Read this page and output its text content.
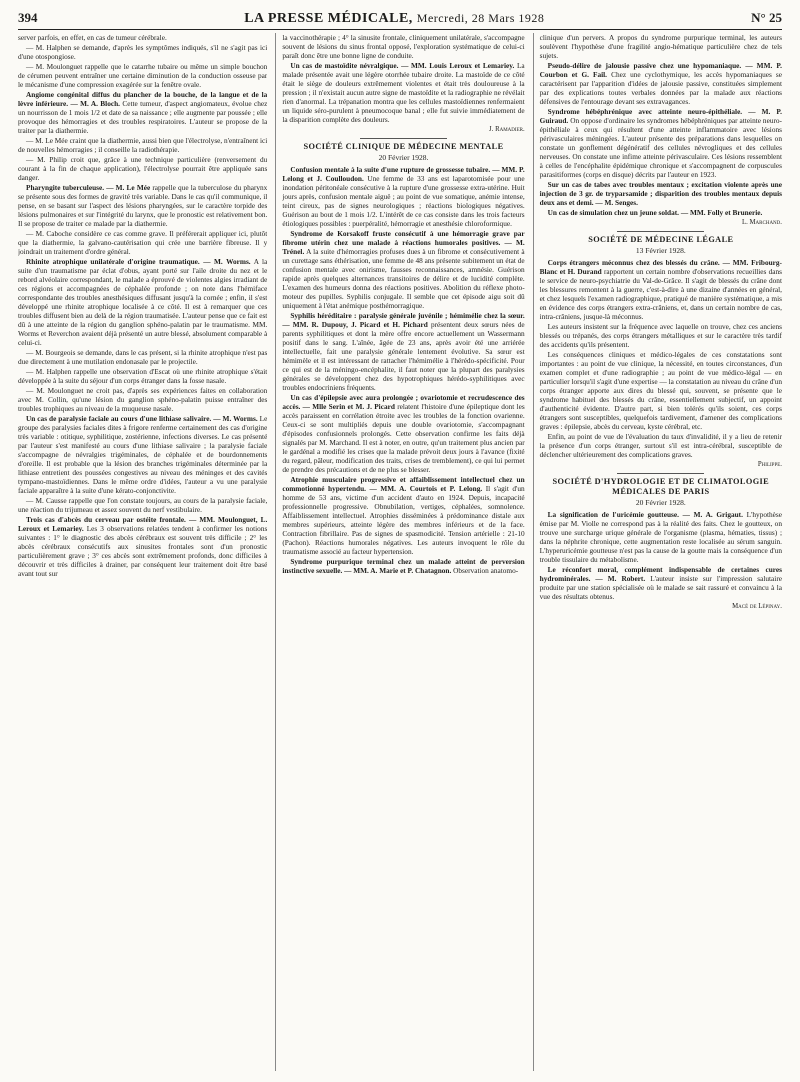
394	LA PRESSE MÉDICALE, Mercredi, 28 Mars 1928	N° 25

server parfois, en effet, en cas de tumeur cérébrale.

— M. Halphen se demande, d'après les symptômes indiqués, s'il ne s'agit pas ici d'une otospongiose.

— M. Moulonguet rappelle que le catarrhe tubaire ou même un simple bouchon de cérumen peuvent entraîner une certaine diminution de la conduction osseuse par le mécanisme d'une compression exagérée sur la fenêtre ovale.

Angiome congénital diffus du plancher de la bouche, de la langue et de la lèvre inférieure. — M. A. Bloch. Cette tumeur, d'aspect angiomateux, évolue chez un nourrisson de 1 mois 1/2 et date de sa naissance ; elle augmente par poussée ; elle provoque des hémorragies et des troubles respiratoires. L'auteur se propose de la traiter par la diathermie.

— M. Le Mée craint que la diathermie, aussi bien que l'électrolyse, n'entraînent ici de nouvelles hémorragies ; il conseille la radiothérapie.

— M. Philip croit que, grâce à une technique particulière (renversement du courant à la fin de chaque application), l'électrolyse pourrait être appliquée sans danger.

Pharyngite tuberculeuse. — M. Le Mée rappelle que la tuberculose du pharynx se présente sous des formes de gravité très variable. Dans le cas qu'il communique, il pense, en se basant sur l'aspect des lésions pharyngées, sur le caractère torpide des lésions pulmonaires et sur l'intégrité du larynx, que le pronostic est relativement bon. Il se propose de traiter ce malade par la diathermie.

— M. Caboche considère ce cas comme grave. Il préférerait appliquer ici, plutôt que la diathermie, la galvano-cautérisation qui crée une barrière fibreuse. Il y joindrait un traitement d'ordre général.

Rhinite atrophique unilatérale d'origine traumatique. — M. Worms. A la suite d'un traumatisme par éclat d'obus, ayant porté sur l'aile droite du nez et le rebord alvéolaire correspondant, le malade a éprouvé de violentes algies irradiant de ces régions et accompagnées de céphalée profonde ; on note dans l'hémiface correspondante des troubles anesthésiques diffusant jusqu'à la cornée ; enfin, il s'est développé une rhinite atrophique localisée à ce côté. Il est à remarquer que ces troubles diffusent bien au delà de la région traumatisée. L'auteur pense que ce fait est dû à une atteinte de la région du ganglion sphéno-palatin par le traumatisme. MM. Worms et Reverchon avaient déjà présenté un autre blessé, absolument comparable à celui-ci.

— M. Bourgeois se demande, dans le cas présent, si la rhinite atrophique n'est pas due directement à une mutilation endonasale par le projectile.

— M. Halphen rappelle une observation d'Escat où une rhinite atrophique s'était développée à la suite du séjour d'un corps étranger dans la fosse nasale.

— M. Moulonguet ne croit pas, d'après ses expériences faites en collaboration avec M. Collin, qu'une lésion du ganglion sphéno-palatin puisse entraîner des troubles trophiques au niveau de la muqueuse nasale.

Un cas de paralysie faciale au cours d'une lithiase salivaire. — M. Worms. Le groupe des paralysies faciales dites à frigore renferme certainement des cas d'origine très variable : otitique, syphilitique, zostérienne, infections diverses. Le cas présenté par l'auteur s'est manifesté au cours d'une lithiase salivaire ; la paralysie faciale s'accompagne de névralgies trigéminales, de céphalée et de bourdonnements d'oreille. Il est probable que la lésion des branches trigéminales déterminée par la lithiase entretient des poussées congestives au niveau des méninges et des cavités tympano-mastoïdiennes. Dans le même ordre d'idées, l'auteur a vu une paralysie faciale apparaître à la suite d'une kérato-conjonctivite.

— M. Causse rappelle que l'on constate toujours, au cours de la paralysie faciale, une réaction du trijumeau et assez souvent du nerf vestibulaire.

Trois cas d'abcès du cerveau par ostéite frontale. — MM. Moulonguet, L. Leroux et Lemariey. Les 3 observations relatées tendent à confirmer les notions suivantes : 1° le diagnostic des abcès cérébraux est souvent très difficile ; 2° les abcès cérébraux consécutifs aux sinusites frontales sont d'un pronostic particulièrement grave ; 3° ces abcès sont extrêmement profonds, donc difficiles à découvrir et très difficiles à drainer, par conséquent leur traitement doit être basé avant tout sur

la vaccinothérapie ; 4° la sinusite frontale, cliniquement unilatérale, s'accompagne souvent de lésions du sinus frontal opposé, l'exploration systématique de celui-ci paraît donc être une bonne ligne de conduite.

Un cas de mastoïdite névralgique. — MM. Louis Leroux et Lemariey. La malade présentée avait une légère otorrhée tubaire droite. La mastoïde de ce côté était le siège de douleurs extrêmement violentes et était très douloureuse à la pression ; il n'existait aucun autre signe de mastoïdite et la radiographie ne révélait rien d'anormal. La trépanation montra que les cellules mastoïdiennes renfermaient un liquide séro-purulent à pneumocoque banal ; elle fut suivie immédiatement de la disparition complète des douleurs.

J. Ramadier.
SOCIÉTÉ CLINIQUE DE MÉDECINE MENTALE
20 Février 1928.

Confusion mentale à la suite d'une rupture de grossesse tubaire. — MM. P. Lelong et J. Coulloudon. Une femme de 33 ans est laparotomisée pour une inondation péritonéale consécutive à la rupture d'une grossesse extra-utérine. Huit jours après, confusion mentale aiguë ; au point de vue somatique, anémie intense, teint cireux, pas de signes neurologiques ; réactions biologiques négatives. Guérison au bout de 1 mois 1/2. L'intérêt de ce cas consiste dans les trois facteurs étiologiques possibles : puerpéralité, hémorragie et anesthésie chloroformique.

Syndrome de Korsakoff fruste consécutif à une hémorragie grave par fibrome utérin chez une malade à réactions humorales positives. — M. Trénel. A la suite d'hémorragies profuses dues à un fibrome et consécutivement à un curettage sans éthérisation, une femme de 48 ans présente subitement un état de confusion mentale avec onirisme, fausses reconnaissances, amnésie. Guérison rapide après quelques alternances transitoires de délire et de lucidité complète. L'examen des humeurs donna des réactions positives. Abolition du réflexe photo-moteur des pupilles. Syphilis conjugale. Il semble que cet épisode aigu soit dû uniquement à l'état anémique posthémorragique.

Syphilis héréditaire : paralysie générale juvénile ; hémimélie chez la sœur. — MM. R. Dupouy, J. Picard et H. Pichard présentent deux sœurs nées de parents syphilitiques et dont la mère offre encore actuellement un Wassermann positif dans le sang. L'aînée, âgée de 23 ans, après avoir été une arriérée intellectuelle, fait une paralysie générale lentement évolutive. Sa sœur est hémimèle et il est intéressant de rattacher l'hémimélie à l'hérédo-spécificité. Pour ce qui est de la méningo-encéphalite, il faut noter que la plupart des paralysies générales se développent chez des hypotrophiques hérédo-syphilitiques avec troubles endocriniens fréquents.

Un cas d'épilepsie avec aura prolongée ; ovariotomie et recrudescence des accès. — Mlle Serin et M. J. Picard relatent l'histoire d'une épileptique dont les accès paraissent en corrélation étroite avec les troubles de la fonction ovarienne. Ceux-ci se sont multipliés depuis une double ovariotomie, s'accompagnant d'épisodes confusionnels prolongés. Cette observation confirme les faits déjà signalés par M. Marchand. Il est à noter, en outre, qu'un traitement plus ancien par le gardénal a modifié les crises que la malade prévoit deux jours à l'avance (fixité du regard, pâleur, modification des traits, crises de tremblement), ce qui lui permet de prendre des précautions et de ne plus se blesser.

Atrophie musculaire progressive et affaiblissement intellectuel chez un commotionné hypertendu. — MM. A. Courtois et P. Lelong. Il s'agit d'un homme de 53 ans, victime d'un accident d'auto en 1924. Depuis, incapacité professionnelle progressive. Obnubilation, vertiges, céphalées, somnolence. Affaiblissement intellectuel. Atrophies disséminées à prédominance distale aux membres supérieurs, atteinte légère des membres inférieurs et de la face. Contraction fibrillaire. Pas de signes de spasmodicité. Tension artérielle : 21-10 (Pachon). Réactions humorales négatives. Les auteurs invoquent le rôle du traumatisme associé au facteur hypertension.

Syndrome purpurique terminal chez un malade atteint de perversion instinctive sexuelle. — MM. A. Marie et P. Chatagnon. Observation anatomo-

clinique d'un pervers. A propos du syndrome purpurique terminal, les auteurs soulèvent l'hypothèse d'une fragilité angio-hématique particulière chez de tels sujets.

Pseudo-délire de jalousie passive chez une hypomaniaque. — MM. P. Courbon et G. Fail. Chez une cyclothymique, les accès hypomaniaques se caractérisent par l'apparition d'idées de jalousie passive, constituées simplement par des explications toutes verbales données par la malade aux réactions défensives de l'entourage devant ses extravagances.

Syndrome hébéphrénique avec atteinte neuro-épithéliale. — M. P. Guiraud. On oppose d'ordinaire les syndromes hébéphréniques par atteinte neuro-épithéliale à ceux qui résultent d'une atteinte inflammatoire avec lésions périvasculaires méningées. L'auteur présente des préparations dans lesquelles on constate un gonflement dégénératif des cellules névrogliques et des cellules nerveuses. On constate une infime atteinte périvasculaire. Ces lésions ressemblent à celles de l'encéphalite épidémique chronique et s'accompagnent de corpuscules parasitiformes (corps en disque) décrits par l'auteur en 1923.

Sur un cas de tabes avec troubles mentaux ; excitation violente après une injection de 3 gr. de tryparsamide ; disparition des troubles mentaux depuis deux ans et demi. — M. Senges.

Un cas de simulation chez un jeune soldat. — MM. Folly et Brunerie.

L. Marchand.
SOCIÉTÉ DE MÉDECINE LÉGALE
13 Février 1928.

Corps étrangers méconnus chez des blessés du crâne. — MM. Fribourg-Blanc et H. Durand rapportent un certain nombre d'observations recueillies dans le service de neuro-psychiatrie du Val-de-Grâce. Il s'agit de blessés du crâne dont les blessures remontent à la guerre, c'est-à-dire à une dizaine d'années en général, et chez lesquels l'examen radiographique, pratiqué de manière systématique, a mis en évidence des corps étrangers extra-crâniens, et, dans un certain nombre de cas, intra-crâniens, jusque-là méconnus.

Les auteurs insistent sur la fréquence avec laquelle on trouve, chez ces anciens blessés ou trépanés, des corps étrangers métalliques et sur le caractère très tardif des accidents qu'ils présentent.

Les conséquences cliniques et médico-légales de ces constatations sont importantes : au point de vue clinique, la nécessité, en toutes circonstances, d'un examen complet et d'une radiographie ; au point de vue médico-légal — en particulier lorsqu'il s'agit d'une expertise — la constatation au niveau du crâne d'un corps étranger apporte aux dires du blessé qui, souvent, se présente que le syndrome habituel des blessés du crâne, essentiellement subjectif, un appoint d'authenticité évidente. D'autre part, si bien tolérés qu'ils soient, ces corps étrangers sont susceptibles, quelquefois tardivement, d'amener des complications graves : épilepsie, abcès du cerveau, kyste cérébral, etc.

Enfin, au point de vue de l'évaluation du taux d'invalidité, il y a lieu de retenir la présence d'un corps étranger, surtout s'il est intra-cérébral, susceptible de déclencher ultérieurement des complications graves.

Philippe.
SOCIÉTÉ D'HYDROLOGIE ET DE CLIMATOLOGIE MÉDICALES DE PARIS
20 Février 1928.

La signification de l'uricémie goutteuse. — M. A. Grigaut. L'hypothèse émise par M. Violle ne correspond pas à la réalité des faits. Chez le goutteux, on trouve une surcharge urique générale de l'organisme (plasma, hématies, tissus) ; dans la néphrite chronique, cette augmentation reste localisée au sérum sanguin. L'hyperuricémie goutteuse n'est pas la cause de la goutte mais la conséquence d'un trouble tissulaire du métabolisme.

Le réconfort moral, complément indispensable de certaines cures hydrominérales. — M. Robert. L'auteur insiste sur l'impression salutaire produite par une station spécialisée où le malade se sait rassuré et convaincu à la vue des résultats obtenus.

Macé de Lépinay.
